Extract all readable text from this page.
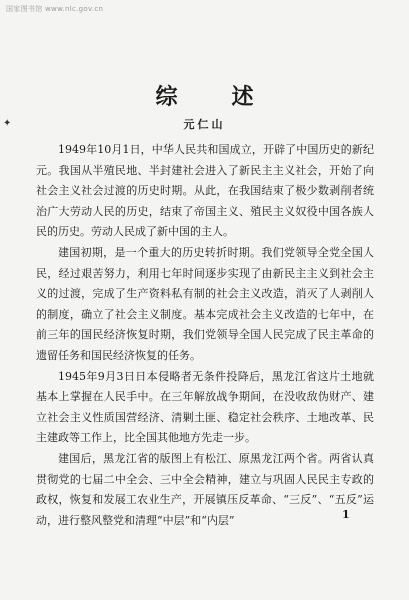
国家图书馆 www.nlc.gov.cn
✦
综　述
元仁山

1949年10月1日，中华人民共和国成立，开辟了中国历史的新纪元。我国从半殖民地、半封建社会进入了新民主主义社会，开始了向社会主义社会过渡的历史时期。从此，在我国结束了极少数剥削者统治广大劳动人民的历史，结束了帝国主义、殖民主义奴役中国各族人民的历史。劳动人民成了新中国的主人。

建国初期，是一个重大的历史转折时期。我们党领导全党全国人民，经过艰苦努力，利用七年时间逐步实现了由新民主主义到社会主义的过渡，完成了生产资料私有制的社会主义改造，消灭了人剥削人的制度，确立了社会主义制度。基本完成社会主义改造的七年中，在前三年的国民经济恢复时期，我们党领导全国人民完成了民主革命的遗留任务和国民经济恢复的任务。

1945年9月3日日本侵略者无条件投降后，黑龙江省这片土地就基本上掌握在人民手中。在三年解放战争期间，在没收敌伪财产、建立社会主义性质国营经济、清剿土匪、稳定社会秩序、土地改革、民主建政等工作上，比全国其他地方先走一步。

建国后，黑龙江省的版图上有松江、原黑龙江两个省。两省认真贯彻党的七届二中全会、三中全会精神，建立与巩固人民民主专政的政权，恢复和发展工农业生产，开展镇压反革命、“三反”、“五反”运动，进行整风整党和清理“中层”和“内层”	1
